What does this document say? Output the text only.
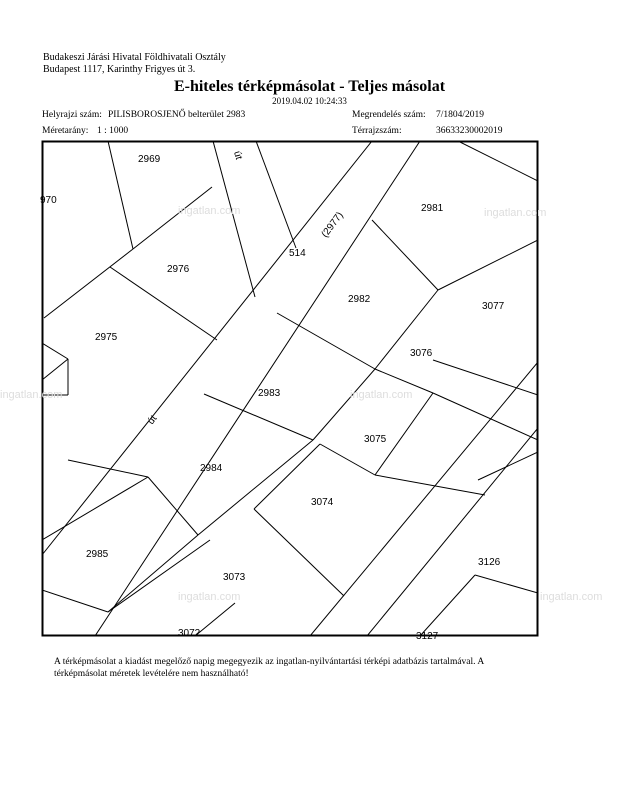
Budakeszi Járási Hivatal Földhivatali Osztály
Budapest 1117, Karinthy Frigyes út 3.
E-hiteles térképmásolat - Teljes másolat
2019.04.02 10:24:33
Helyrajzi szám: PILISBOROSJENŐ belterület 2983
Méretarány: 1 : 1000
Megrendelés szám: 7/1804/2019
Térrajzszám:	36633230002019
2969
970
2976
2975
2983
2984
2985
3073
3072
3074
3075
3076
3077
2982
2981
3126
3127
514
(2977)
út
út
ingatlan.com
ingatlan.com
ingatlan.com	ingatlan.com
ingatlan.com	ingatlan.com
A térképmásolat a kiadást megelőző napig megegyezik az ingatlan-nyilvántartási térképi adatbázis tartalmával. A térképmásolat méretek levételére nem használható!
